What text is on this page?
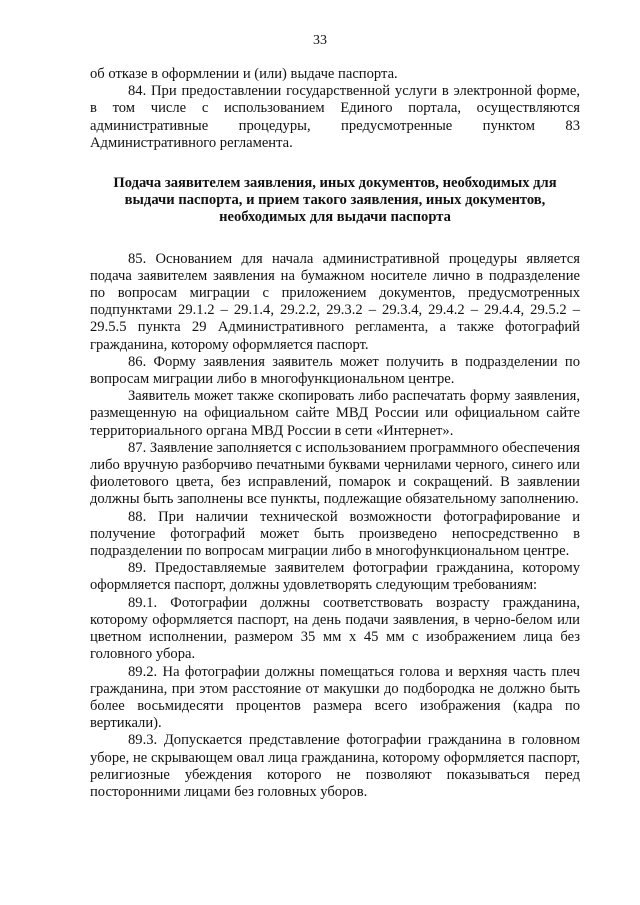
33

об отказе в оформлении и (или) выдаче паспорта.

84. При предоставлении государственной услуги в электронной форме, в том числе с использованием Единого портала, осуществляются административные процедуры, предусмотренные пунктом 83 Административного регламента.

Подача заявителем заявления, иных документов, необходимых для выдачи паспорта, и прием такого заявления, иных документов, необходимых для выдачи паспорта

85. Основанием для начала административной процедуры является подача заявителем заявления на бумажном носителе лично в подразделение по вопросам миграции с приложением документов, предусмотренных подпунктами 29.1.2 – 29.1.4, 29.2.2, 29.3.2 – 29.3.4, 29.4.2 – 29.4.4, 29.5.2 – 29.5.5 пункта 29 Административного регламента, а также фотографий гражданина, которому оформляется паспорт.

86. Форму заявления заявитель может получить в подразделении по вопросам миграции либо в многофункциональном центре.

Заявитель может также скопировать либо распечатать форму заявления, размещенную на официальном сайте МВД России или официальном сайте территориального органа МВД России в сети «Интернет».

87. Заявление заполняется с использованием программного обеспечения либо вручную разборчиво печатными буквами чернилами черного, синего или фиолетового цвета, без исправлений, помарок и сокращений. В заявлении должны быть заполнены все пункты, подлежащие обязательному заполнению.

88. При наличии технической возможности фотографирование и получение фотографий может быть произведено непосредственно в подразделении по вопросам миграции либо в многофункциональном центре.

89. Предоставляемые заявителем фотографии гражданина, которому оформляется паспорт, должны удовлетворять следующим требованиям:

89.1. Фотографии должны соответствовать возрасту гражданина, которому оформляется паспорт, на день подачи заявления, в черно-белом или цветном исполнении, размером 35 мм х 45 мм с изображением лица без головного убора.

89.2. На фотографии должны помещаться голова и верхняя часть плеч гражданина, при этом расстояние от макушки до подбородка не должно быть более восьмидесяти процентов размера всего изображения (кадра по вертикали).

89.3. Допускается представление фотографии гражданина в головном уборе, не скрывающем овал лица гражданина, которому оформляется паспорт, религиозные убеждения которого не позволяют показываться перед посторонними лицами без головных уборов.
